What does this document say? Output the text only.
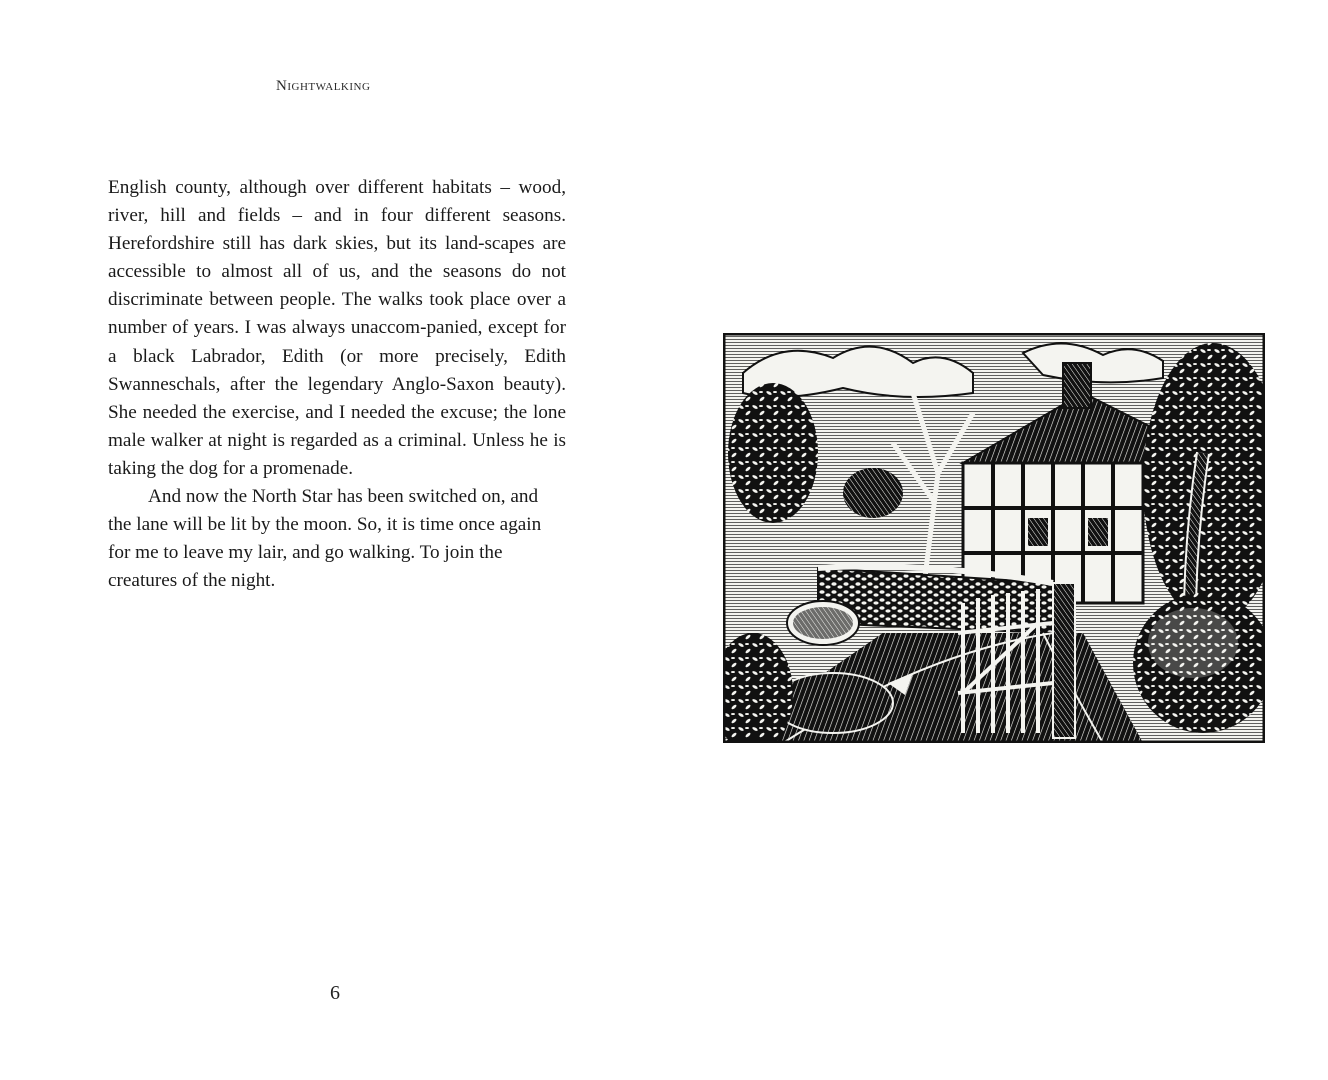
Nightwalking

English county, although over different habitats – wood, river, hill and fields – and in four different seasons. Herefordshire still has dark skies, but its land-scapes are accessible to almost all of us, and the seasons do not discriminate between people. The walks took place over a number of years. I was always unaccom-panied, except for a black Labrador, Edith (or more precisely, Edith Swanneschals, after the legendary Anglo-Saxon beauty). She needed the exercise, and I needed the excuse; the lone male walker at night is regarded as a criminal. Unless he is taking the dog for a promenade.

And now the North Star has been switched on, and the lane will be lit by the moon. So, it is time once again for me to leave my lair, and go walking. To join the creatures of the night.

6
